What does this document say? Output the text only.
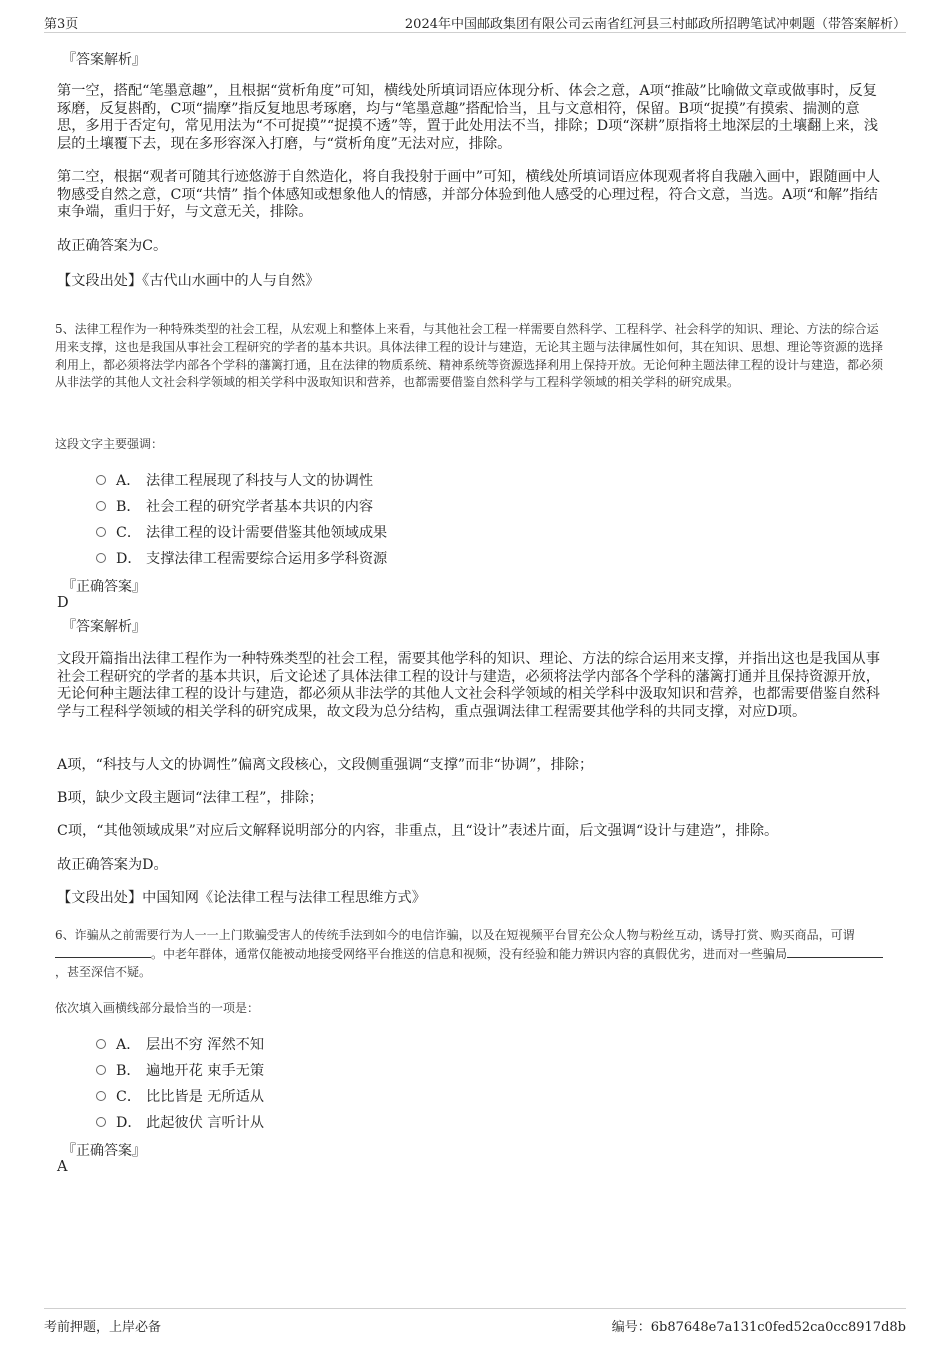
第3页	2024年中国邮政集团有限公司云南省红河县三村邮政所招聘笔试冲刺题（带答案解析）
『答案解析』
第一空，搭配“笔墨意趣”，且根据“赏析角度”可知，横线处所填词语应体现分析、体会之意，A项“推敲”比喻做文章或做事时，反复琢磨，反复斟酌，C项“揣摩”指反复地思考琢磨，均与“笔墨意趣”搭配恰当，且与文意相符，保留。B项“捉摸”有摸索、揣测的意思，多用于否定句，常见用法为“不可捉摸”“捉摸不透”等，置于此处用法不当，排除；D项“深耕”原指将土地深层的土壤翻上来，浅层的土壤覆下去，现在多形容深入打磨，与“赏析角度”无法对应，排除。
第二空，根据“观者可随其行迹悠游于自然造化，将自我投射于画中”可知，横线处所填词语应体现观者将自我融入画中，跟随画中人物感受自然之意，C项“共情” 指个体感知或想象他人的情感，并部分体验到他人感受的心理过程，符合文意，当选。A项“和解”指结束争端，重归于好，与文意无关，排除。
故正确答案为C。
【文段出处】《古代山水画中的人与自然》
5、法律工程作为一种特殊类型的社会工程，从宏观上和整体上来看，与其他社会工程一样需要自然科学、工程科学、社会科学的知识、理论、方法的综合运用来支撑，这也是我国从事社会工程研究的学者的基本共识。具体法律工程的设计与建造，无论其主题与法律属性如何，其在知识、思想、理论等资源的选择利用上，都必须将法学内部各个学科的藩篱打通，且在法律的物质系统、精神系统等资源选择利用上保持开放。无论何种主题法律工程的设计与建造，都必须从非法学的其他人文社会科学领域的相关学科中汲取知识和营养，也都需要借鉴自然科学与工程科学领域的相关学科的研究成果。
这段文字主要强调：
A． 法律工程展现了科技与人文的协调性
B． 社会工程的研究学者基本共识的内容
C． 法律工程的设计需要借鉴其他领域成果
D． 支撑法律工程需要综合运用多学科资源
『正确答案』
D
『答案解析』
文段开篇指出法律工程作为一种特殊类型的社会工程，需要其他学科的知识、理论、方法的综合运用来支撑，并指出这也是我国从事社会工程研究的学者的基本共识，后文论述了具体法律工程的设计与建造，必须将法学内部各个学科的藩篱打通并且保持资源开放，无论何种主题法律工程的设计与建造，都必须从非法学的其他人文社会科学领域的相关学科中汲取知识和营养，也都需要借鉴自然科学与工程科学领域的相关学科的研究成果，故文段为总分结构，重点强调法律工程需要其他学科的共同支撑，对应D项。
A项，“科技与人文的协调性”偏离文段核心，文段侧重强调“支撑”而非“协调”，排除；
B项，缺少文段主题词“法律工程”，排除；
C项，“其他领域成果”对应后文解释说明部分的内容，非重点，且“设计”表述片面，后文强调“设计与建造”，排除。
故正确答案为D。
【文段出处】中国知网《论法律工程与法律工程思维方式》
6、诈骗从之前需要行为人一一上门欺骗受害人的传统手法到如今的电信诈骗，以及在短视频平台冒充公众人物与粉丝互动，诱导打赏、购买商品，可谓。中老年群体，通常仅能被动地接受网络平台推送的信息和视频，没有经验和能力辨识内容的真假优劣，进而对一些骗局，甚至深信不疑。
依次填入画横线部分最恰当的一项是：
A． 层出不穷 浑然不知
B． 遍地开花 束手无策
C． 比比皆是 无所适从
D． 此起彼伏 言听计从
『正确答案』
A
考前押题，上岸必备	编号：6b87648e7a131c0fed52ca0cc8917d8b
